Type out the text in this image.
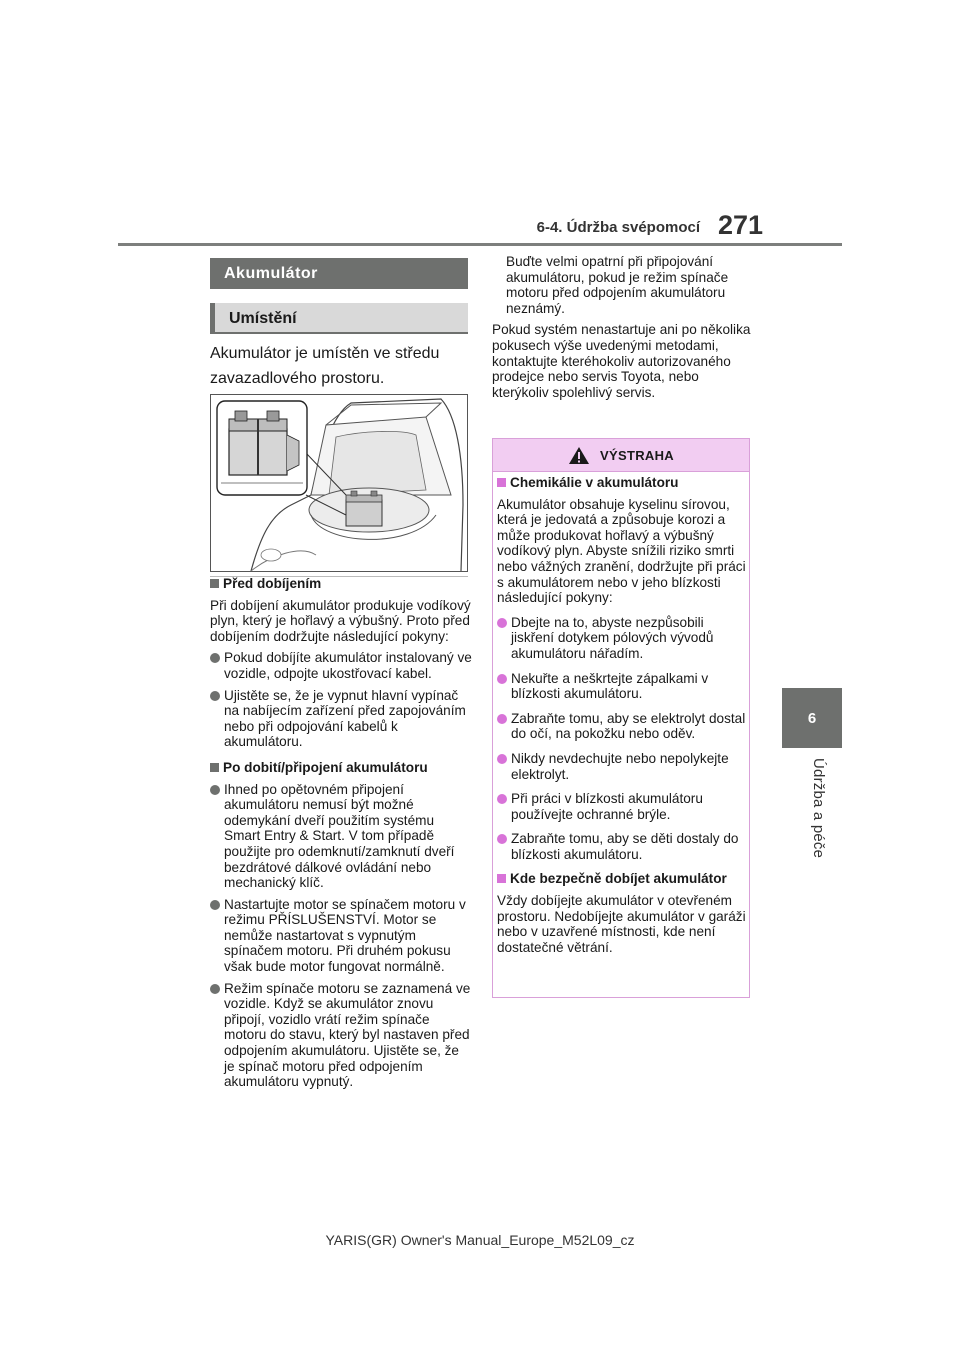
6-4. Údržba svépomocí 271
6
Údržba a péče
Akumulátor
Umístění
Akumulátor je umístěn ve středu zavazadlového prostoru.

Před dobíjením

Při dobíjení akumulátor produkuje vodíkový plyn, který je hořlavý a výbušný. Proto před dobíjením dodržujte následující pokyny:

Pokud dobíjíte akumulátor instalovaný ve vozidle, odpojte ukostřovací kabel.

Ujistěte se, že je vypnut hlavní vypínač na nabíjecím zařízení před zapojováním nebo při odpojování kabelů k akumulátoru.

Po dobití/připojení akumulátoru

Ihned po opětovném připojení akumulátoru nemusí být možné odemykání dveří použitím systému Smart Entry & Start. V tom případě použijte pro odemknutí/zamknutí dveří bezdrátové dálkové ovládání nebo mechanický klíč.

Nastartujte motor se spínačem motoru v režimu PŘÍSLUŠENSTVÍ. Motor se nemůže nastartovat s vypnutým spínačem motoru. Při druhém pokusu však bude motor fungovat normálně.

Režim spínače motoru se zaznamená ve vozidle. Když se akumulátor znovu připojí, vozidlo vrátí režim spínače motoru do stavu, který byl nastaven před odpojením akumulátoru. Ujistěte se, že je spínač motoru před odpojením akumulátoru vypnutý.

Buďte velmi opatrní při připojování akumulátoru, pokud je režim spínače motoru před odpojením akumulátoru neznámý.

Pokud systém nenastartuje ani po několika pokusech výše uvedenými metodami, kontaktujte kteréhokoliv autorizovaného prodejce nebo servis Toyota, nebo kterýkoliv spolehlivý servis.

VÝSTRAHA

Chemikálie v akumulátoru

Akumulátor obsahuje kyselinu sírovou, která je jedovatá a způsobuje korozi a může produkovat hořlavý a výbušný vodíkový plyn. Abyste snížili riziko smrti nebo vážných zranění, dodržujte při práci s akumulátorem nebo v jeho blízkosti následující pokyny:

Dbejte na to, abyste nezpůsobili jiskření dotykem pólových vývodů akumulátoru nářadím.

Nekuřte a neškrtejte zápalkami v blízkosti akumulátoru.

Zabraňte tomu, aby se elektrolyt dostal do očí, na pokožku nebo oděv.

Nikdy nevdechujte nebo nepolykejte elektrolyt.

Při práci v blízkosti akumulátoru používejte ochranné brýle.

Zabraňte tomu, aby se děti dostaly do blízkosti akumulátoru.

Kde bezpečně dobíjet akumulátor

Vždy dobíjejte akumulátor v otevřeném prostoru. Nedobíjejte akumulátor v garáži nebo v uzavřené místnosti, kde není dostatečné větrání.

YARIS(GR) Owner's Manual_Europe_M52L09_cz
